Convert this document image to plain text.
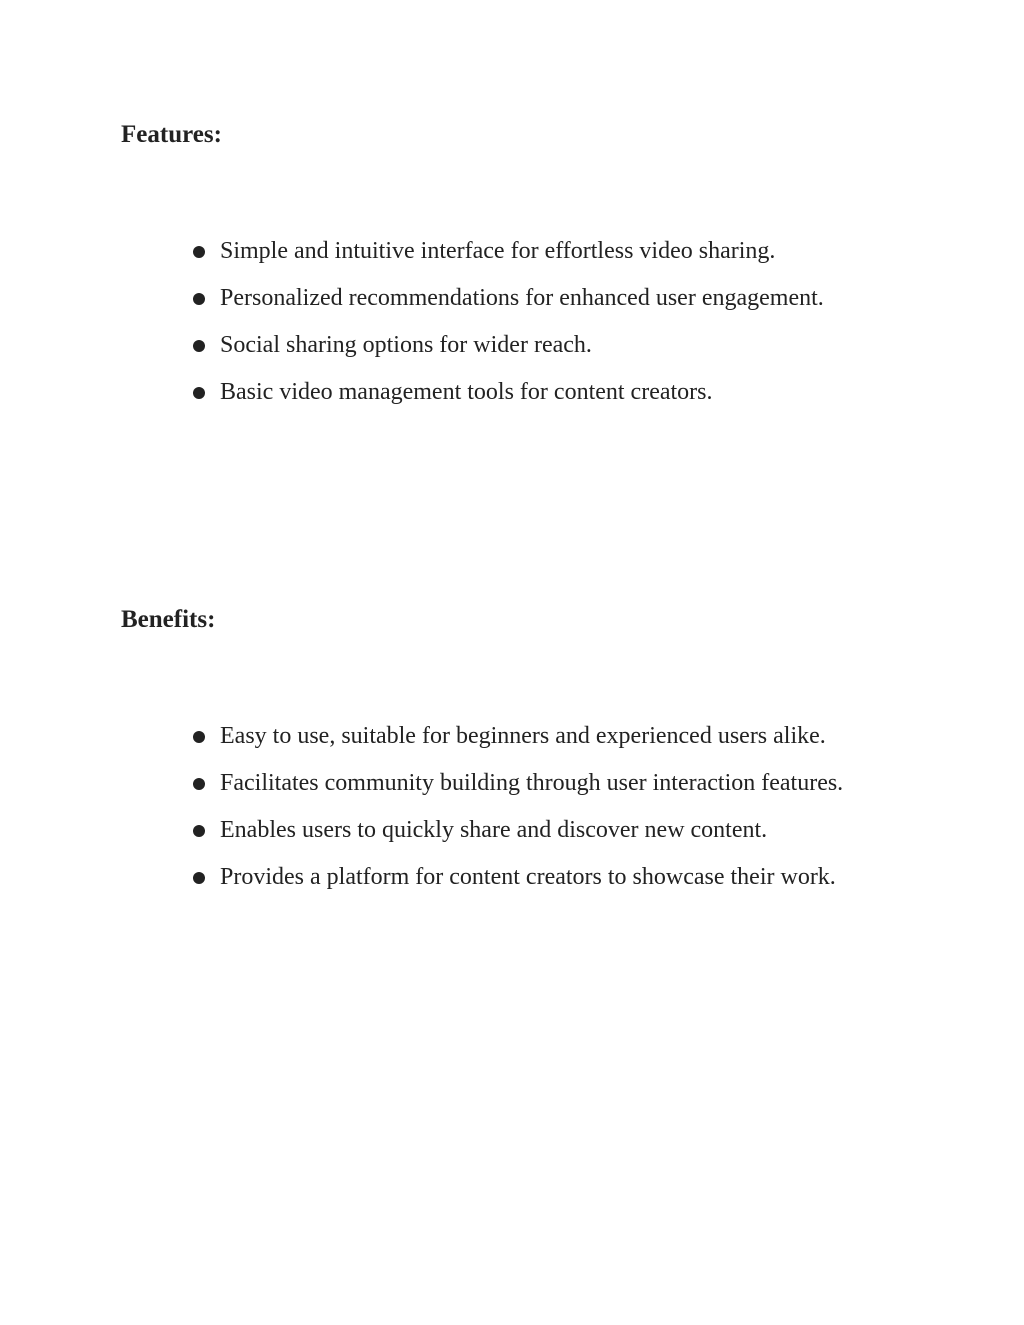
Features:
Simple and intuitive interface for effortless video sharing.
Personalized recommendations for enhanced user engagement.
Social sharing options for wider reach.
Basic video management tools for content creators.
Benefits:
Easy to use, suitable for beginners and experienced users alike.
Facilitates community building through user interaction features.
Enables users to quickly share and discover new content.
Provides a platform for content creators to showcase their work.
